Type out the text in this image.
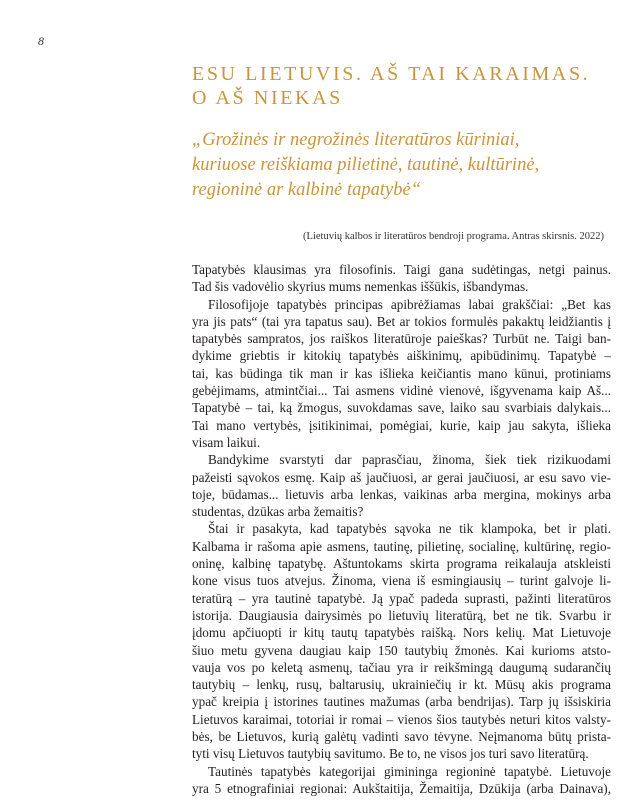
8
ESU LIETUVIS. AŠ TAI KARAIMAS.
O AŠ NIEKAS
„Grožinės ir negrožinės literatūros kūriniai,
kuriuose reiškiama pilietinė, tautinė, kultūrinė,
regioninė ar kalbinė tapatybė“
(Lietuvių kalbos ir literatūros bendroji programa. Antras skirsnis. 2022)
Tapatybės klausimas yra filosofinis. Taigi gana sudėtingas, netgi painus.
Tad šis vadovėlio skyrius mums nemenkas iššūkis, išbandymas.
Filosofijoje tapatybės principas apibrėžiamas labai grakščiai: „Bet kas
yra jis pats“ (tai yra tapatus sau). Bet ar tokios formulės pakaktų leidžiantis į
tapatybės sampratos, jos raiškos literatūroje paieškas? Turbūt ne. Taigi ban-
dykime griebtis ir kitokių tapatybės aiškinimų, apibūdinimų. Tapatybė –
tai, kas būdinga tik man ir kas išlieka keičiantis mano kūnui, protiniams
gebėjimams, atmintčiai... Tai asmens vidinė vienovė, išgyvenama kaip Aš...
Tapatybė – tai, ką žmogus, suvokdamas save, laiko sau svarbiais dalykais...
Tai mano vertybės, įsitikinimai, pomėgiai, kurie, kaip jau sakyta, išlieka
visam laikui.
Bandykime svarstyti dar paprasčiau, žinoma, šiek tiek rizikuodami
pažeisti sąvokos esmę. Kaip aš jaučiuosi, ar gerai jaučiuosi, ar esu savo vie-
toje, būdamas... lietuvis arba lenkas, vaikinas arba mergina, mokinys arba
studentas, dzūkas arba žemaitis?
Štai ir pasakyta, kad tapatybės sąvoka ne tik klampoka, bet ir plati.
Kalbama ir rašoma apie asmens, tautinę, pilietinę, socialinę, kultūrinę, regio-
oninę, kalbinę tapatybę. Aštuntokams skirta programa reikalauja atskleisti
kone visus tuos atvejus. Žinoma, viena iš esmingiausių – turint galvoje li-
teratūrą – yra tautinė tapatybė. Ją ypač padeda suprasti, pažinti literatūros
istorija. Daugiausia dairysimės po lietuvių literatūrą, bet ne tik. Svarbu ir
įdomu apčiuopti ir kitų tautų tapatybės raišką. Nors kelių. Mat Lietuvoje
šiuo metu gyvena daugiau kaip 150 tautybių žmonės. Kai kurioms atsto-
vauja vos po keletą asmenų, tačiau yra ir reikšmingą daugumą sudarančių
tautybių – lenkų, rusų, baltarusių, ukrainiečių ir kt. Mūsų akis programa
ypač kreipia į istorines tautines mažumas (arba bendrijas). Tarp jų išsiskiria
Lietuvos karaimai, totoriai ir romai – vienos šios tautybės neturi kitos valsty-
bės, be Lietuvos, kurią galėtų vadinti savo tėvyne. Neįmanoma būtų prista-
tyti visų Lietuvos tautybių savitumo. Be to, ne visos jos turi savo literatūrą.
Tautinės tapatybės kategorijai giminingа regioninė tapatybė. Lietuvoje
yra 5 etnografiniai regionai: Aukštaitija, Žemaitija, Dzūkija (arba Dainava),
